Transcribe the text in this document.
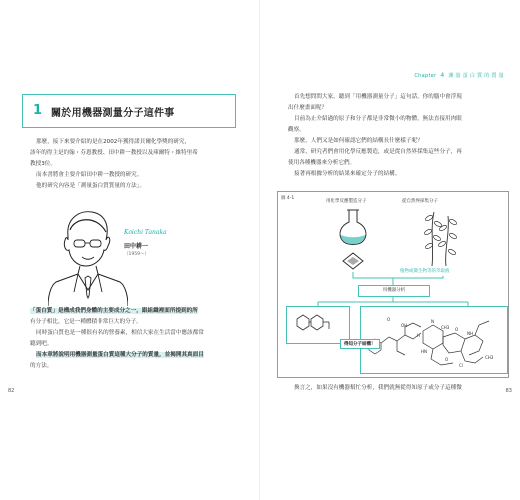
1 關於用機器測量分子這件事

那麼，接下來要介紹的是在2002年獲得諾貝爾化學獎的研究，

該年的得主是約翰・芬恩教授、田中耕一教授以及庫爾特・維特里希

教授3位。

而本書將會主要介紹田中耕一教授的研究。

他的研究內容是「測量蛋白質質量的方法」。

Koichi Tanaka
田中耕一
（1959～）

「蛋白質」是構成我們身體的主要成分之一，跟組織裡面所提到的所

有分子相比，它是一種體積非常巨大的分子。

同時蛋白質也是一種很有名的營養素，相信大家在生活當中應該都常

聽到吧。

而本章將說明用機器測量蛋白質這種大分子的質量，並揭開其真面目

的方法。

82
Chapter 4 測 量 蛋 白 質 的 質 量

首先想問問大家，聽到「用機器測量分子」這句話，你的腦中會浮現

出什麼畫面呢？

目前為止介紹過的原子和分子都是非常微小的物體，無法直接用肉眼

觀察。

那麼，人們又是如何確認它們的結構長什麼樣子呢？

通常，研究者們會用化學反應製造，或是從自然界採集這些分子，再

使用各種機器來分析它們。

接著再根據分析的結果來確定分子的結構。

圖 4-1
用化學反應製造分子	從自然界採集分子
植物或微生物等的萃取液
用機器分析
O
OH
H
N
CH3 O
NH
HN
O
Cl
CH3
得知分子結構！

換言之，如果沒有機器幫忙分析，我們就無從得知原子或分子這種微	83
